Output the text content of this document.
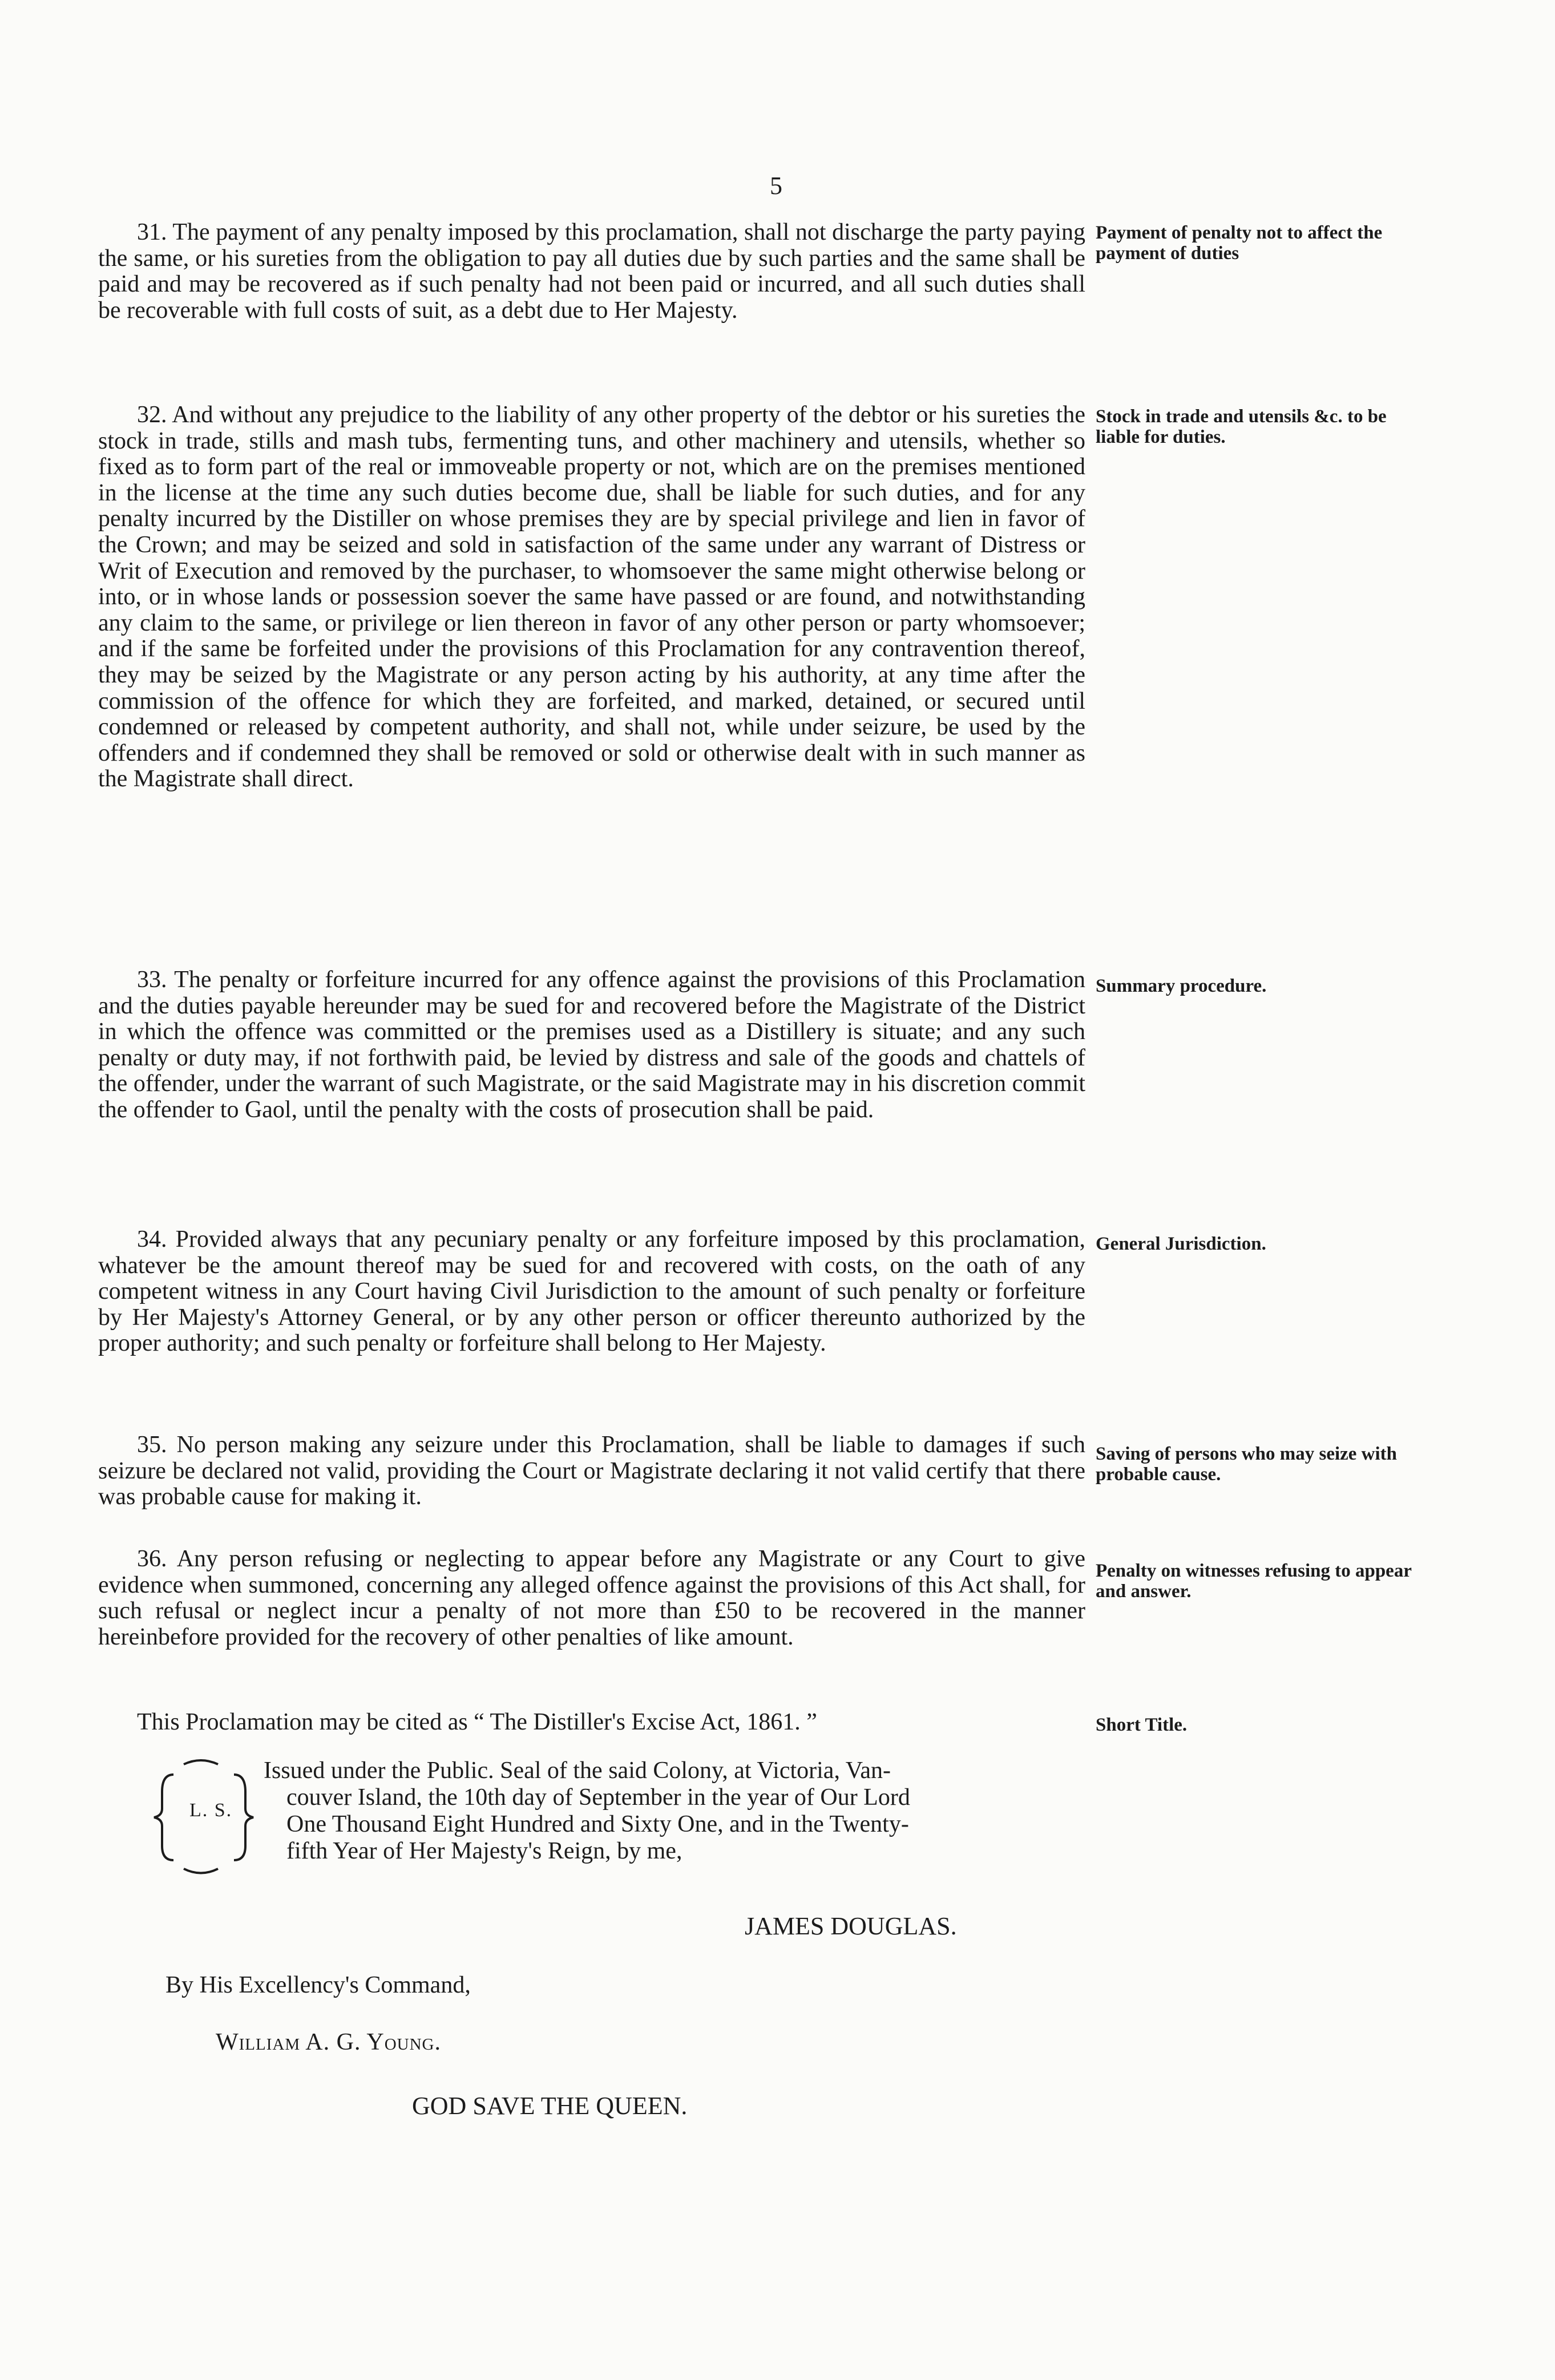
5

31. The payment of any penalty imposed by this proclamation, shall not discharge the party paying the same, or his sureties from the obligation to pay all duties due by such parties and the same shall be paid and may be recovered as if such penalty had not been paid or incurred, and all such duties shall be recoverable with full costs of suit, as a debt due to Her Majesty.

Payment of penalty not to affect the payment of duties

32. And without any prejudice to the liability of any other property of the debtor or his sureties the stock in trade, stills and mash tubs, fermenting tuns, and other machinery and utensils, whether so fixed as to form part of the real or immoveable property or not, which are on the premises mentioned in the license at the time any such duties become due, shall be liable for such duties, and for any penalty incurred by the Distiller on whose premises they are by special privilege and lien in favor of the Crown; and may be seized and sold in satisfaction of the same under any warrant of Distress or Writ of Execution and removed by the purchaser, to whomsoever the same might otherwise belong or into, or in whose lands or possession soever the same have passed or are found, and notwithstanding any claim to the same, or privilege or lien thereon in favor of any other person or party whomsoever; and if the same be forfeited under the provisions of this Proclamation for any contravention thereof, they may be seized by the Magistrate or any person acting by his authority, at any time after the commission of the offence for which they are forfeited, and marked, detained, or secured until condemned or released by competent authority, and shall not, while under seizure, be used by the offenders and if condemned they shall be removed or sold or otherwise dealt with in such manner as the Magistrate shall direct.

Stock in trade and utensils &c. to be liable for duties.

33. The penalty or forfeiture incurred for any offence against the provisions of this Proclamation and the duties payable hereunder may be sued for and recovered before the Magistrate of the District in which the offence was committed or the premises used as a Distillery is situate; and any such penalty or duty may, if not forthwith paid, be levied by distress and sale of the goods and chattels of the offender, under the warrant of such Magistrate, or the said Magistrate may in his discretion commit the offender to Gaol, until the penalty with the costs of prosecution shall be paid.

Summary procedure.

34. Provided always that any pecuniary penalty or any forfeiture imposed by this proclamation, whatever be the amount thereof may be sued for and recovered with costs, on the oath of any competent witness in any Court having Civil Jurisdiction to the amount of such penalty or forfeiture by Her Majesty's Attorney General, or by any other person or officer thereunto authorized by the proper authority; and such penalty or forfeiture shall belong to Her Majesty.

General Jurisdiction.

35. No person making any seizure under this Proclamation, shall be liable to damages if such seizure be declared not valid, providing the Court or Magistrate declaring it not valid certify that there was probable cause for making it.

Saving of persons who may seize with probable cause.

36. Any person refusing or neglecting to appear before any Magistrate or any Court to give evidence when summoned, concerning any alleged offence against the provisions of this Act shall, for such refusal or neglect incur a penalty of not more than £50 to be recovered in the manner hereinbefore provided for the recovery of other penalties of like amount.

Penalty on witnesses refusing to appear and answer.
This Proclamation may be cited as “ The Distiller's Excise Act, 1861. ”	Short Title.
L. S.

Issued under the Public. Seal of the said Colony, at Victoria, Van-

couver Island, the 10th day of September in the year of Our Lord

One Thousand Eight Hundred and Sixty One, and in the Twenty-

fifth Year of Her Majesty's Reign, by me,

JAMES DOUGLAS.
By His Excellency's Command,
William A. G. Young.
GOD SAVE THE QUEEN.
